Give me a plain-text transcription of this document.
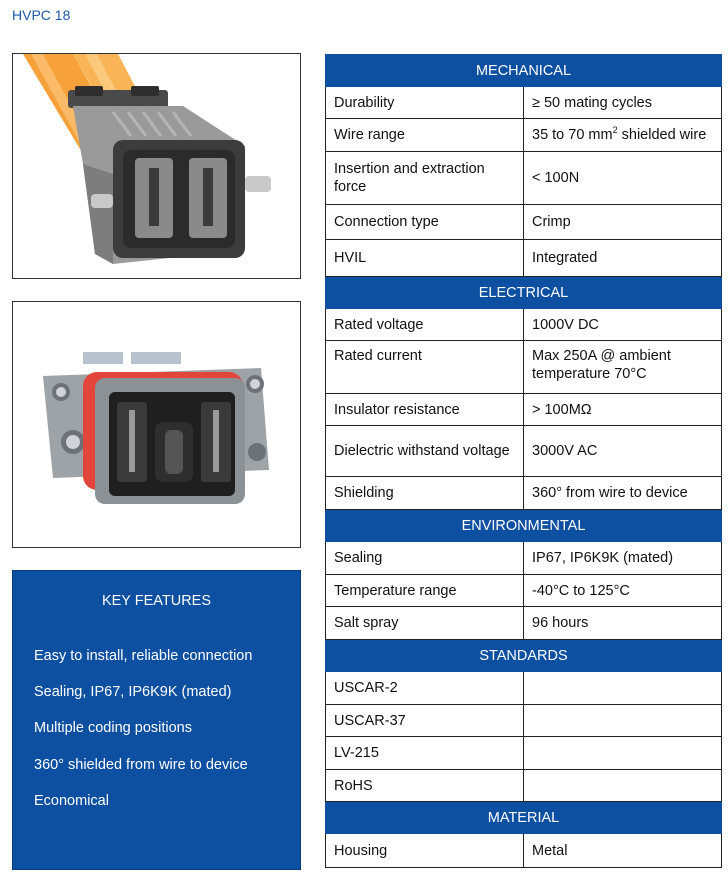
HVPC 18
KEY FEATURES
Easy to install, reliable connection
Sealing, IP67, IP6K9K (mated)
Multiple coding positions
360° shielded from wire to device
Economical
MECHANICAL	
Durability	≥ 50 mating cycles
Wire range	35 to 70 $mm^2$ shielded wire
Insertion and extraction force	< 100N
Connection type	Crimp
HVIL	Integrated
ELECTRICAL	
Rated voltage	1000V DC
Rated current	Max 250A @ ambient temperature 70°C
Insulator resistance	> 100MΩ
Dielectric withstand voltage	3000V AC
Shielding	360° from wire to device
ENVIRONMENTAL	
Sealing	IP67, IP6K9K (mated)
Temperature range	-40°C to 125°C
Salt spray	96 hours
STANDARDS	
USCAR-2	
USCAR-37	
LV-215	
RoHS	
MATERIAL	
Housing	Metal
